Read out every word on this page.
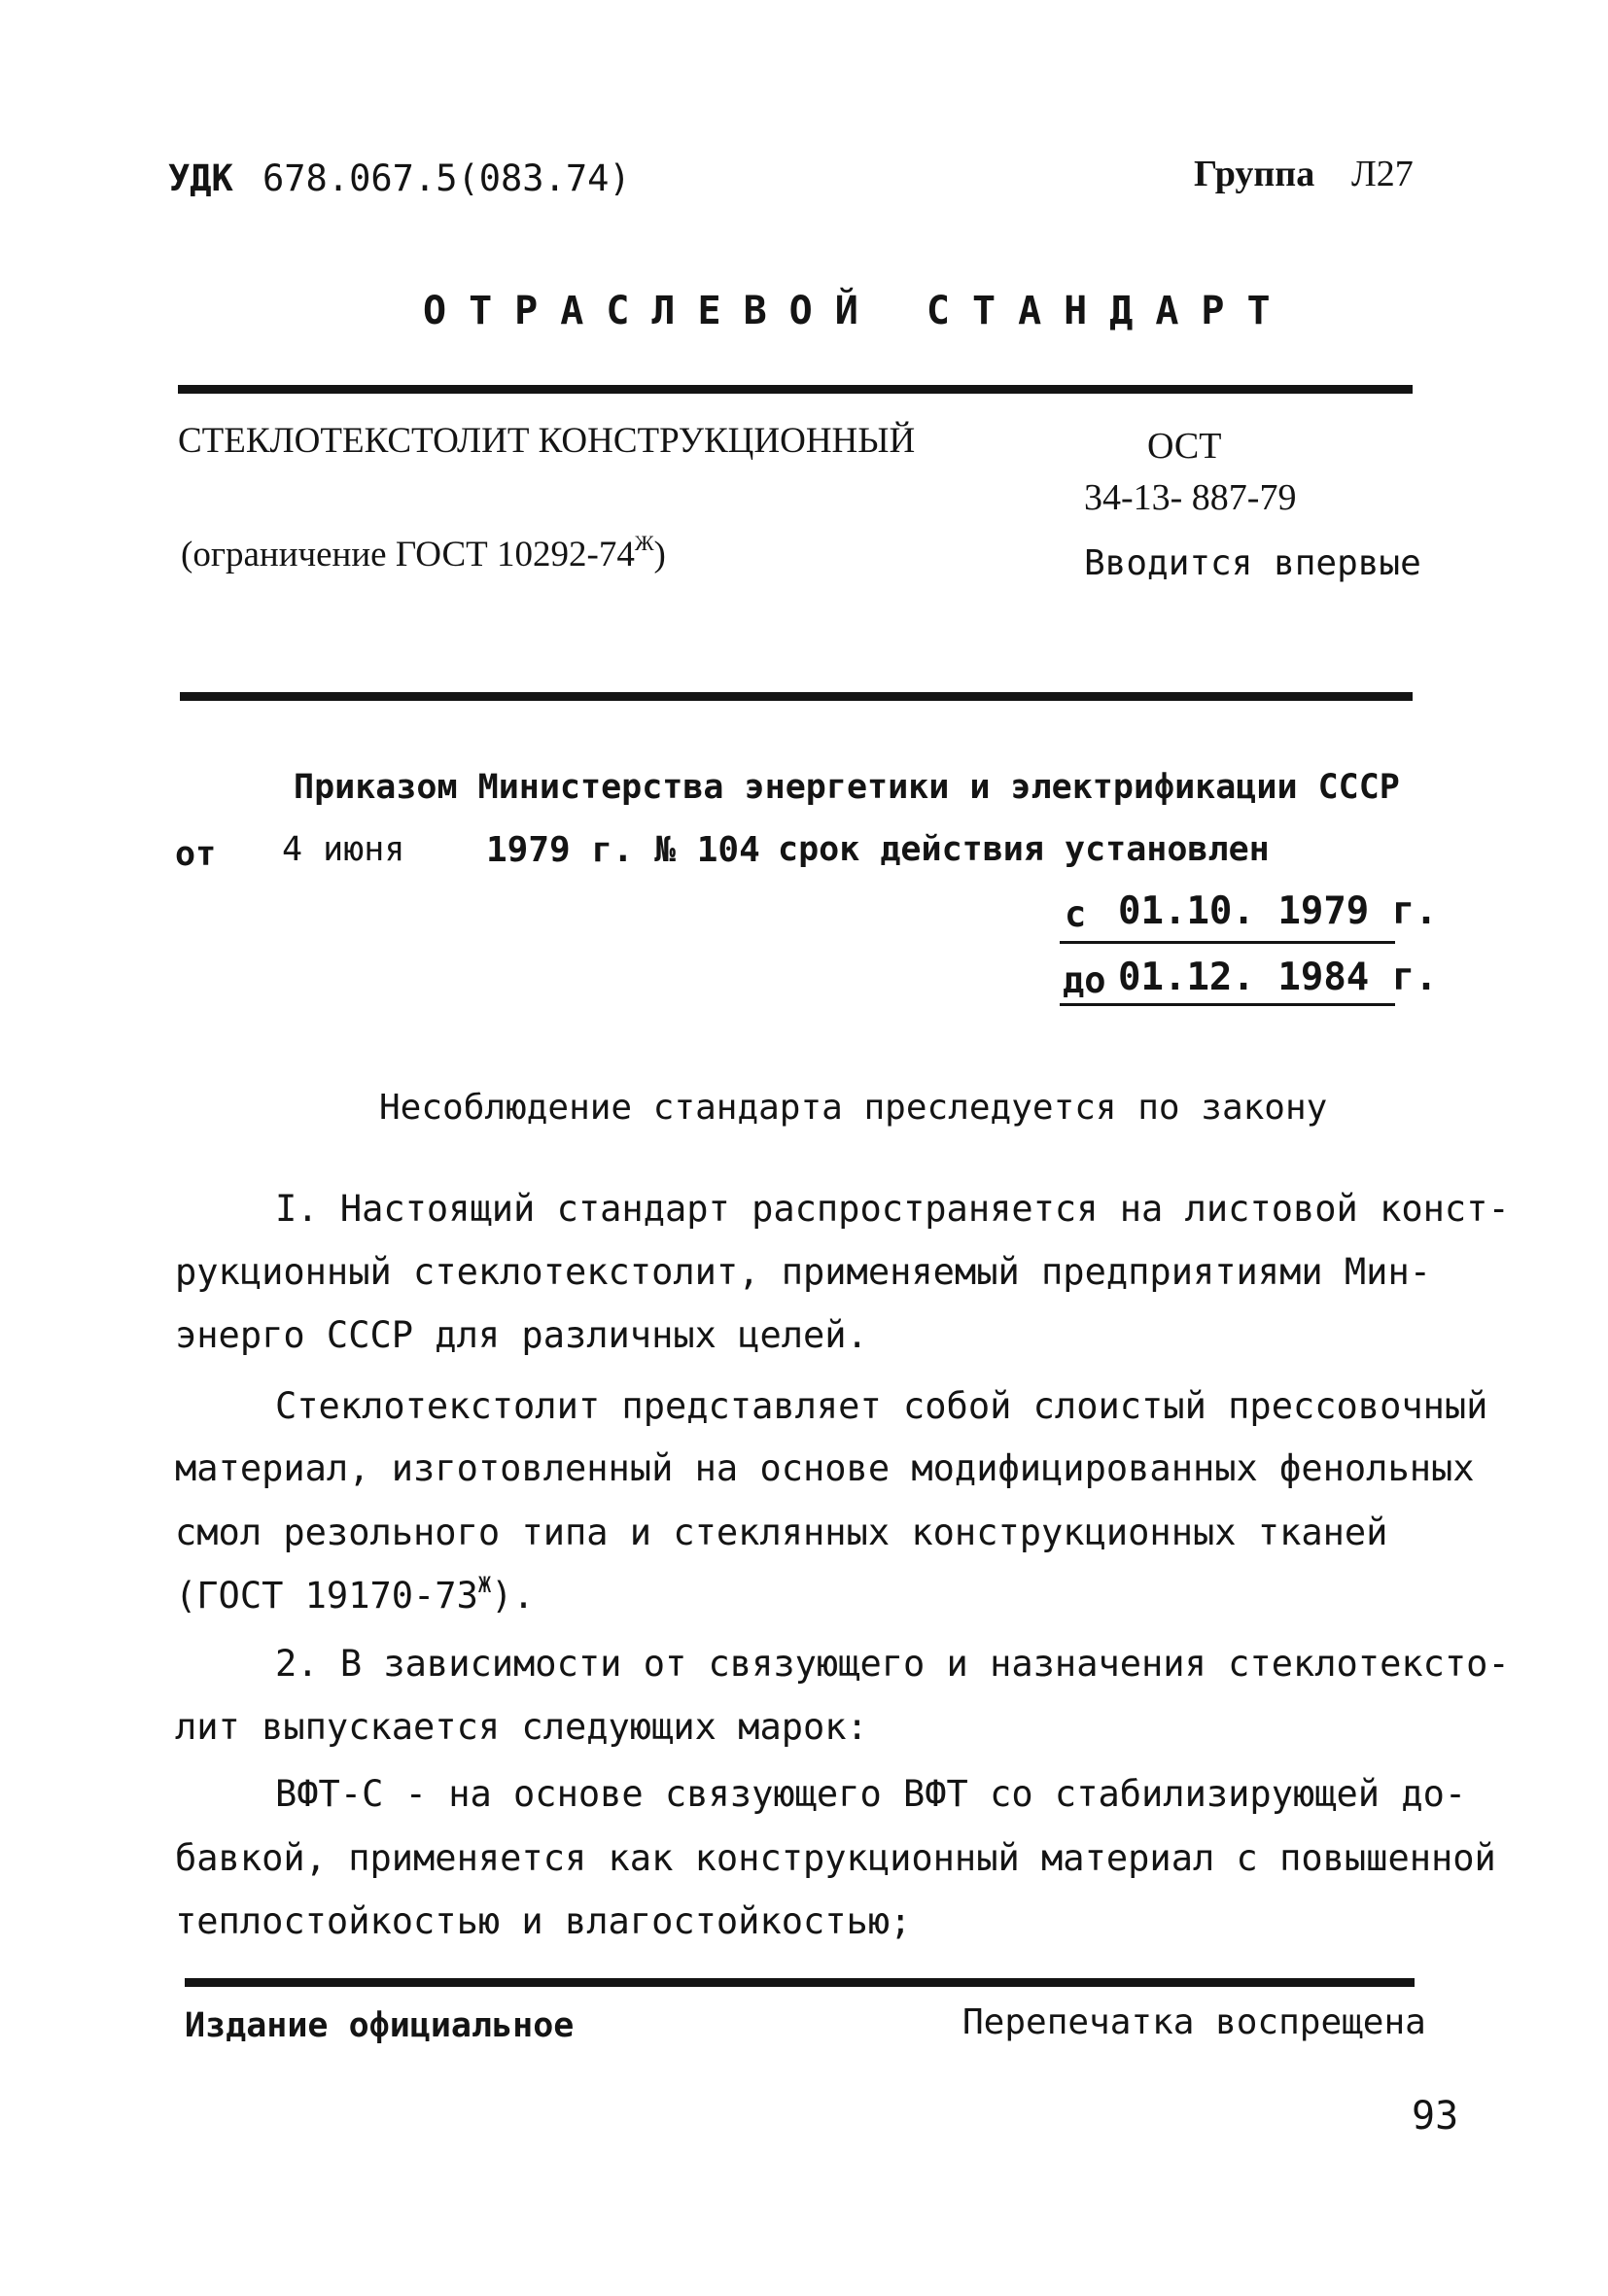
УДК 678.067.5(083.74)	Группа Л27
ОТРАСЛЕВОЙ СТАНДАРТ
СТЕКЛОТЕКСТОЛИТ КОНСТРУКЦИОННЫЙ	ОСТ
34-13- 887-79
(ограничение ГОСТ $10292-74^Ж$)	Вводится впервые
Приказом Министерства энергетики и электрификации СССР
от 4 июня 1979 г. № 104 срок действия установлен
с 01.10. 1979 г.
до 01.12. 1984 г.
Несоблюдение стандарта преследуется по закону
I. Настоящий стандарт распространяется на листовой конст-
рукционный стеклотекстолит, применяемый предприятиями Мин-
энерго СССР для различных целей.
Стеклотекстолит представляет собой слоистый прессовочный
материал, изготовленный на основе модифицированных фенольных
смол резольного типа и стеклянных конструкционных тканей
(ГОСТ $19170-73^Ж$).
2. В зависимости от связующего и назначения стеклотексто-
лит выпускается следующих марок:
ВФТ-С - на основе связующего ВФТ со стабилизирующей до-
бавкой, применяется как конструкционный материал с повышенной
теплостойкостью и влагостойкостью;
Издание официальное	Перепечатка воспрещена
93
